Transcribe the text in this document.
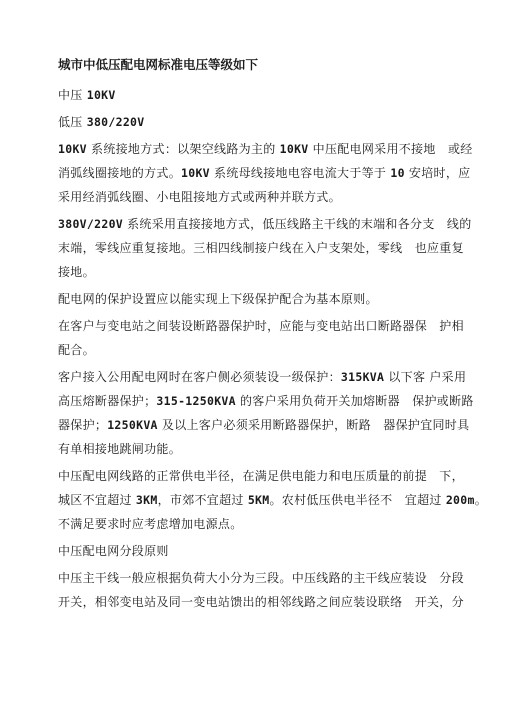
城市中低压配电网标准电压等级如下
中压 10KV
低压 380/220V
10KV 系统接地方式：以架空线路为主的 10KV 中压配电网采用不接地　或经
消弧线圈接地的方式。10KV 系统母线接地电容电流大于等于 10 安培时，应
采用经消弧线圈、小电阻接地方式或两种并联方式。
380V/220V 系统采用直接接地方式，低压线路主干线的末端和各分支　线的
末端，零线应重复接地。三相四线制接户线在入户支架处，零线　也应重复
接地。
配电网的保护设置应以能实现上下级保护配合为基本原则。
在客户与变电站之间装设断路器保护时，应能与变电站出口断路器保　护相
配合。
客户接入公用配电网时在客户侧必须装设一级保护：315KVA 以下客 户采用
高压熔断器保护；315-1250KVA 的客户采用负荷开关加熔断器　保护或断路
器保护；1250KVA 及以上客户必须采用断路器保护，断路　器保护宜同时具
有单相接地跳闸功能。
中压配电网线路的正常供电半径，在满足供电能力和电压质量的前提　下，
城区不宜超过 3KM，市郊不宜超过 5KM。农村低压供电半径不　宜超过 200m。
不满足要求时应考虑增加电源点。
中压配电网分段原则
中压主干线一般应根据负荷大小分为三段。中压线路的主干线应装设　分段
开关，相邻变电站及同一变电站馈出的相邻线路之间应装设联络　开关，分
